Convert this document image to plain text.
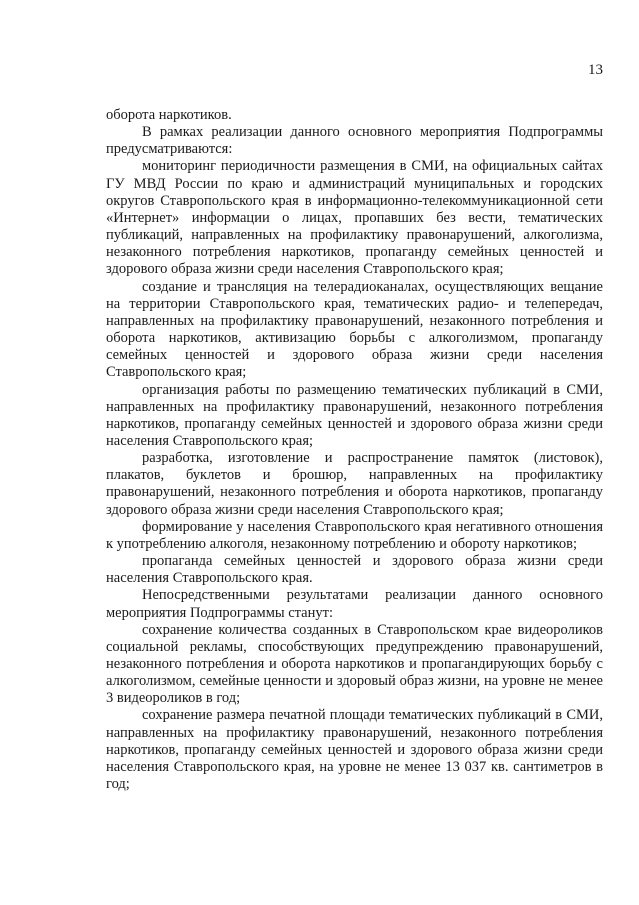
13

оборота наркотиков.

В рамках реализации данного основного мероприятия Подпрограммы предусматриваются:

мониторинг периодичности размещения в СМИ, на официальных сайтах ГУ МВД России по краю и администраций муниципальных и городских округов Ставропольского края в информационно-телекоммуникационной сети «Интернет» информации о лицах, пропавших без вести, тематических публикаций, направленных на профилактику правонарушений, алкоголизма, незаконного потребления наркотиков, пропаганду семейных ценностей и здорового образа жизни среди населения Ставропольского края;

создание и трансляция на телерадиоканалах, осуществляющих вещание на территории Ставропольского края, тематических радио- и телепередач, направленных на профилактику правонарушений, незаконного потребления и оборота наркотиков, активизацию борьбы с алкоголизмом, пропаганду семейных ценностей и здорового образа жизни среди населения Ставропольского края;

организация работы по размещению тематических публикаций в СМИ, направленных на профилактику правонарушений, незаконного потребления наркотиков, пропаганду семейных ценностей и здорового образа жизни среди населения Ставропольского края;

разработка, изготовление и распространение памяток (листовок), плакатов, буклетов и брошюр, направленных на профилактику правонарушений, незаконного потребления и оборота наркотиков, пропаганду здорового образа жизни среди населения Ставропольского края;

формирование у населения Ставропольского края негативного отношения к употреблению алкоголя, незаконному потреблению и обороту наркотиков;

пропаганда семейных ценностей и здорового образа жизни среди населения Ставропольского края.

Непосредственными результатами реализации данного основного мероприятия Подпрограммы станут:

сохранение количества созданных в Ставропольском крае видеороликов социальной рекламы, способствующих предупреждению правонарушений, незаконного потребления и оборота наркотиков и пропагандирующих борьбу с алкоголизмом, семейные ценности и здоровый образ жизни, на уровне не менее 3 видеороликов в год;

сохранение размера печатной площади тематических публикаций в СМИ, направленных на профилактику правонарушений, незаконного потребления наркотиков, пропаганду семейных ценностей и здорового образа жизни среди населения Ставропольского края, на уровне не менее 13 037 кв. сантиметров в год;
